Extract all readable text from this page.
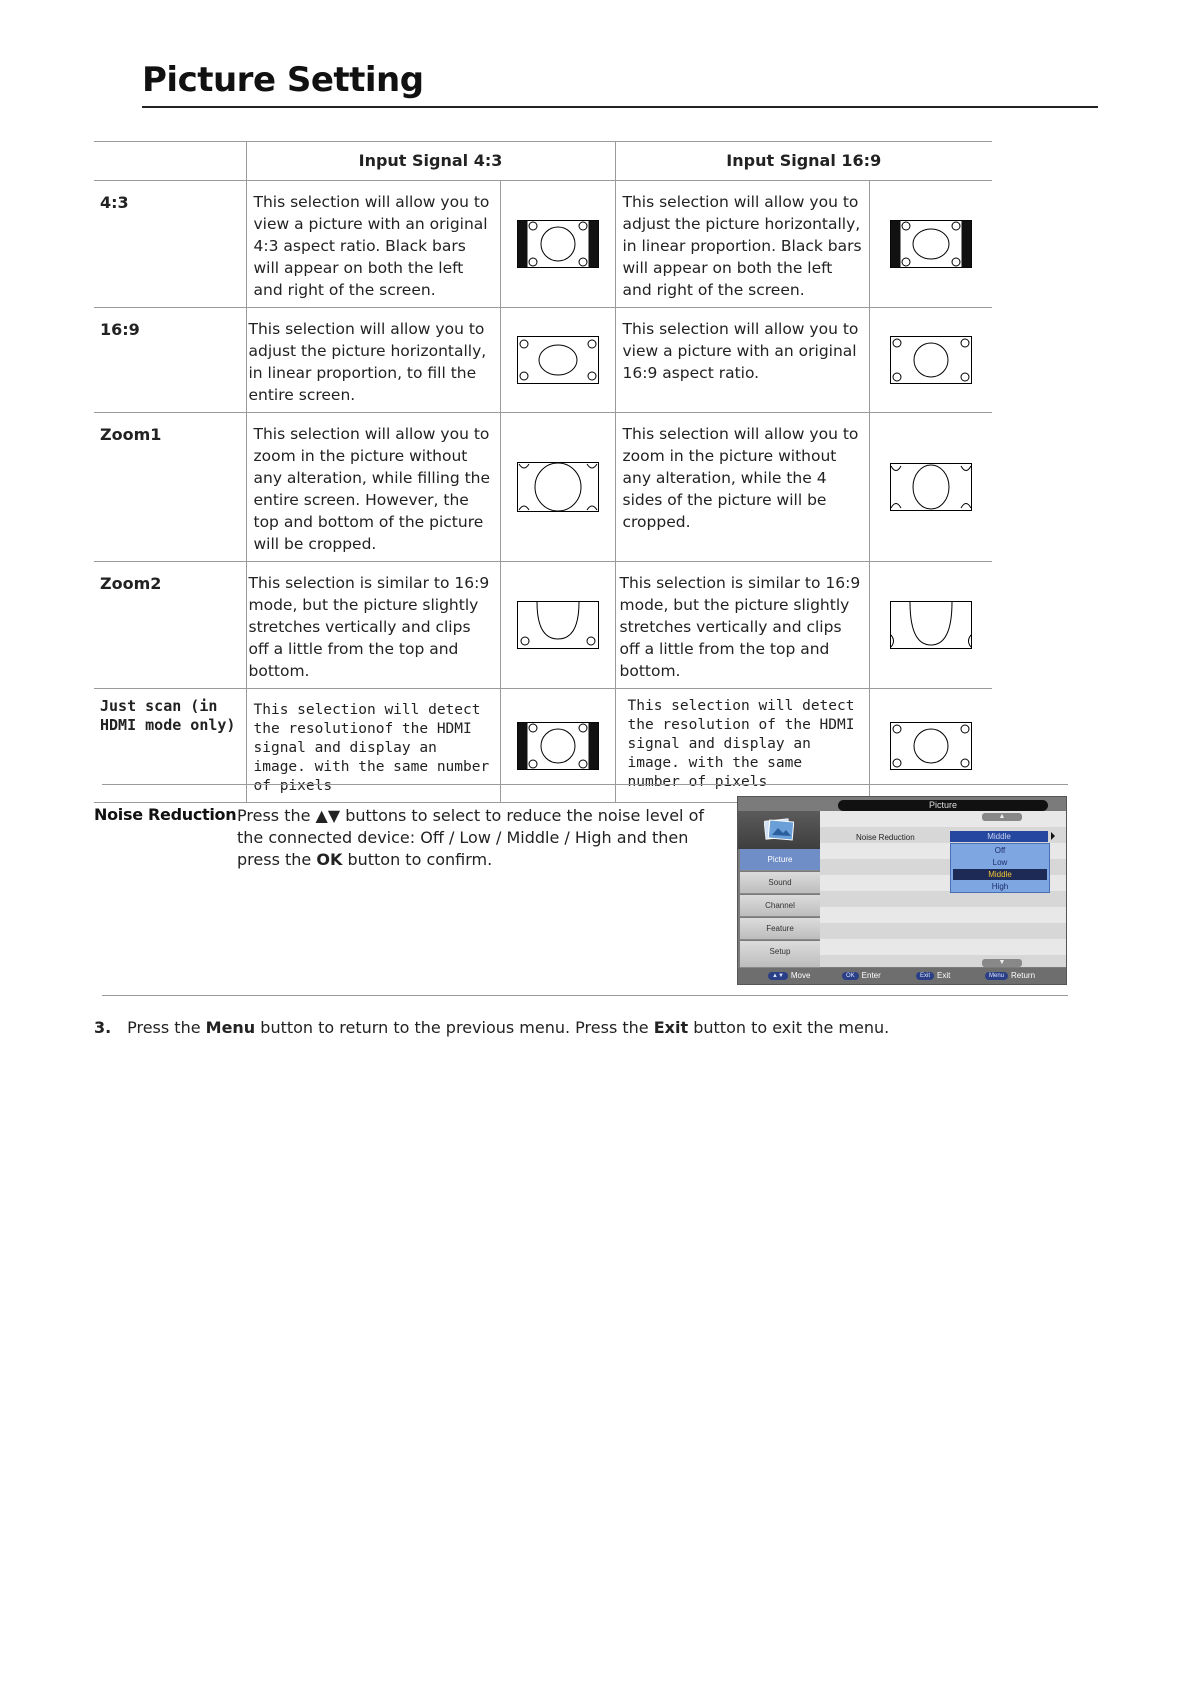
Picture Setting
	Input Signal 4:3		Input Signal 16:9	
4:3	This selection will allow you to view a picture with an original 4:3 aspect ratio. Black bars will appear on both the left and right of the screen.		This selection will allow you to adjust the picture horizontally, in linear proportion. Black bars will appear on both the left and right of the screen.	
16:9	This selection will allow you to adjust the picture horizontally, in linear proportion, to fill the entire screen.		This selection will allow you to view a picture with an original 16:9 aspect ratio.	
Zoom1	This selection will allow you to zoom in the picture without any alteration, while filling the entire screen. However, the top and bottom of the picture will be cropped.		This selection will allow you to zoom in the picture without any alteration, while the 4 sides of the picture will be cropped.	
Zoom2	This selection is similar to 16:9 mode, but the picture slightly stretches vertically and clips off a little from the top and bottom.		This selection is similar to 16:9 mode, but the picture slightly stretches vertically and clips off a little from the top and bottom.	
Just scan (in HDMI mode only)	This selection will detect the resolutionof the HDMI signal and display an image. with the same number of pixels		This selection will detect the resolution of the HDMI signal and display an image. with the same number of pixels	
Noise Reduction Press the ▲▼ buttons to select to reduce the noise level of the connected device: Off / Low / Middle / High and then press the OK button to confirm.
Picture
▲
▼
Picture
Sound
Channel
Feature
Setup
Noise Reduction	Middle
Off
Low
Middle
High
▲▼ Move	OK Enter	Exit Exit	Menu Return
3. Press the Menu button to return to the previous menu. Press the Exit button to exit the menu.
